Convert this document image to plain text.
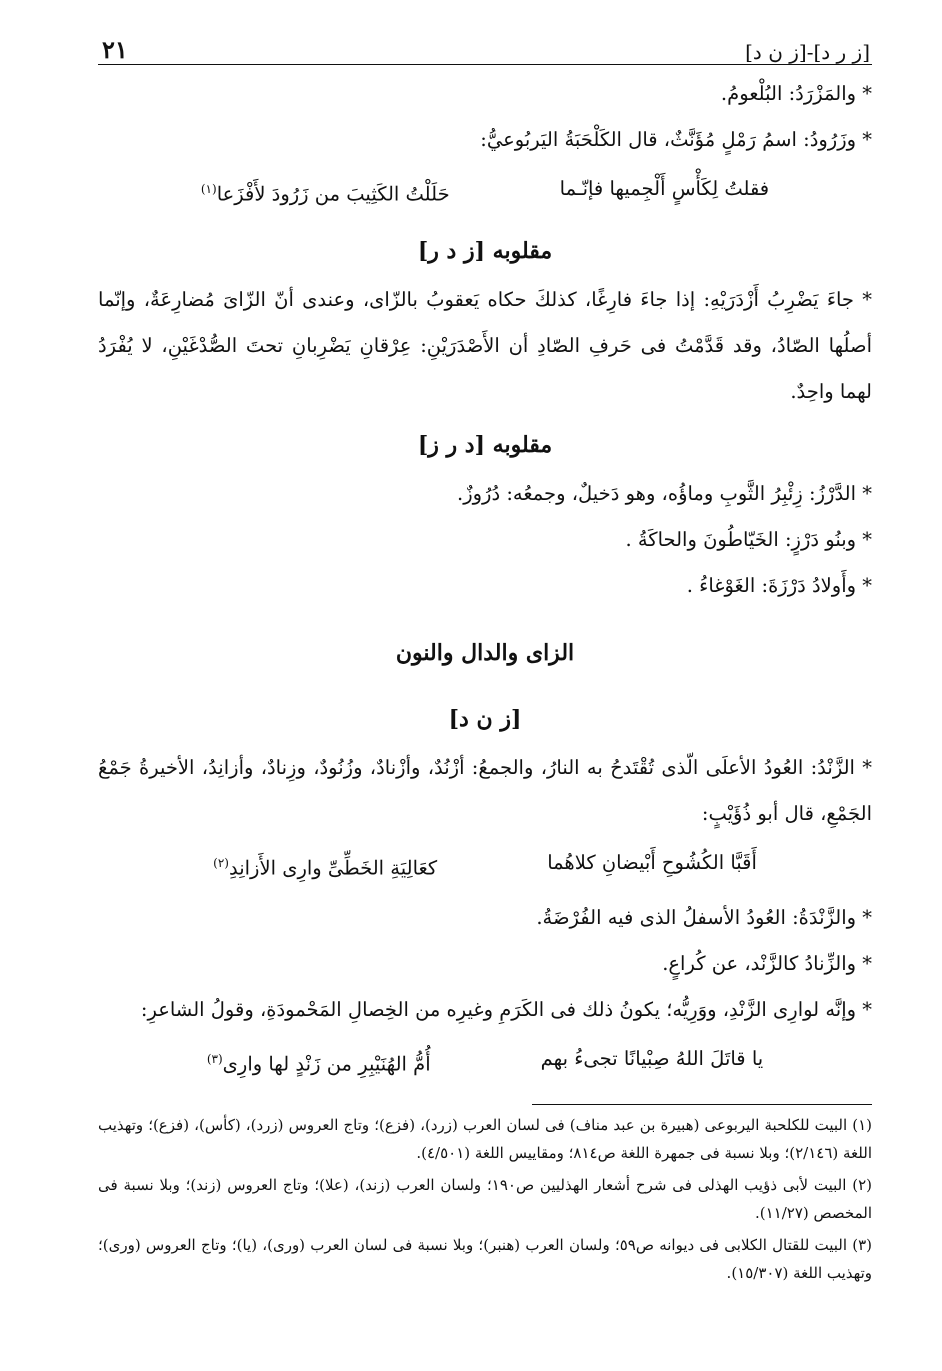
[ز ر د]-[ز ن د]
٢١

* والمَزْرَدُ: البُلْعومُ.

* وزَرُودُ: اسمُ رَمْلٍ مُؤَنَّثٌ، قال الكَلْحَبَةُ اليَربُوعيُّ:

فقلتُ لِكَأْسٍ أَلْجِميها فإنّـما
حَلَلْتُ الكَثِيبَ من زَرُودَ لأَفْزَعا$^{(١)}$
مقلوبه [ز د ر]

* جاءَ يَضْرِبُ أَزْدَرَيْهِ: إذا جاءَ فارِغًا، كذلكَ حكاه يَعقوبُ بالزّاى، وعندى أنّ الزّاىَ مُضارِعَةٌ، وإنّما أصلُها الصّادُ، وقد قَدَّمْتُ فى حَرفِ الصّادِ أن الأَصْدَرَيْنِ: عِرْقانِ يَضْرِبانِ تحتَ الصُّدْغَيْنِ، لا يُفْرَدُ لهما واحِدٌ.

مقلوبه [د ر ز]

* الدَّرْزُ: زِئْبِرُ الثَّوبِ وماؤُه، وهو دَخيلٌ، وجمعُه: دُرُوزٌ.

* وبنُو دَرْزٍ: الخَيّاطُونَ والحاكَةُ .

* وأَولادُ دَرْزَةَ: الغَوْغاءُ .

الزاى والدال والنون
[ز ن د]

* الزَّنْدُ: العُودُ الأعلَى الّذى تُقْتَدحُ به النارُ، والجمعُ: أزْنُدٌ، وأزْنادٌ، وزُنُودٌ، وزِنادٌ، وأزانِدُ، الأخيرةُ جَمْعُ الجَمْعِ، قال أبو ذُؤَيْبٍ:

أَقَبَّا الكُشُوحِ أَبْيضانِ كلاهُما
كعَالِيَةِ الخَطِّىِّ وارِى الأَزانِدِ$^{(٢)}$

* والزَّنْدَةُ: العُودُ الأسفلُ الذى فيه الفُرْضَةُ.

* والزِّنادُ كالزَّنْد، عن كُراعٍ.

* وإنَّه لوارِى الزَّنْدِ، ووَرِيُّه؛ يكونُ ذلك فى الكَرَمِ وغيرِه من الخِصالِ المَحْمودَةِ، وقولُ الشاعرِ:

يا قاتَلَ اللهُ صِبْيانًا تجىءُ بهم
أُمُّ الهُنَيْبِرِ من زَنْدٍ لها وارِى$^{(٣)}$

(١) البيت للكلحبة اليربوعى (هبيرة بن عبد مناف) فى لسان العرب (زرد)، (فزع)؛ وتاج العروس (زرد)، (كأس)، (فزع)؛ وتهذيب اللغة (٢/١٤٦)؛ وبلا نسبة فى جمهرة اللغة ص٨١٤؛ ومقاييس اللغة (٤/٥٠١).

(٢) البيت لأبى ذؤيب الهذلى فى شرح أشعار الهذليين ص١٩٠؛ ولسان العرب (زند)، (علا)؛ وتاج العروس (زند)؛ وبلا نسبة فى المخصص (١١/٢٧).

(٣) البيت للقتال الكلابى فى ديوانه ص٥٩؛ ولسان العرب (هنبر)؛ وبلا نسبة فى لسان العرب (ورى)، (يا)؛ وتاج العروس (ورى)؛ وتهذيب اللغة (١٥/٣٠٧).
